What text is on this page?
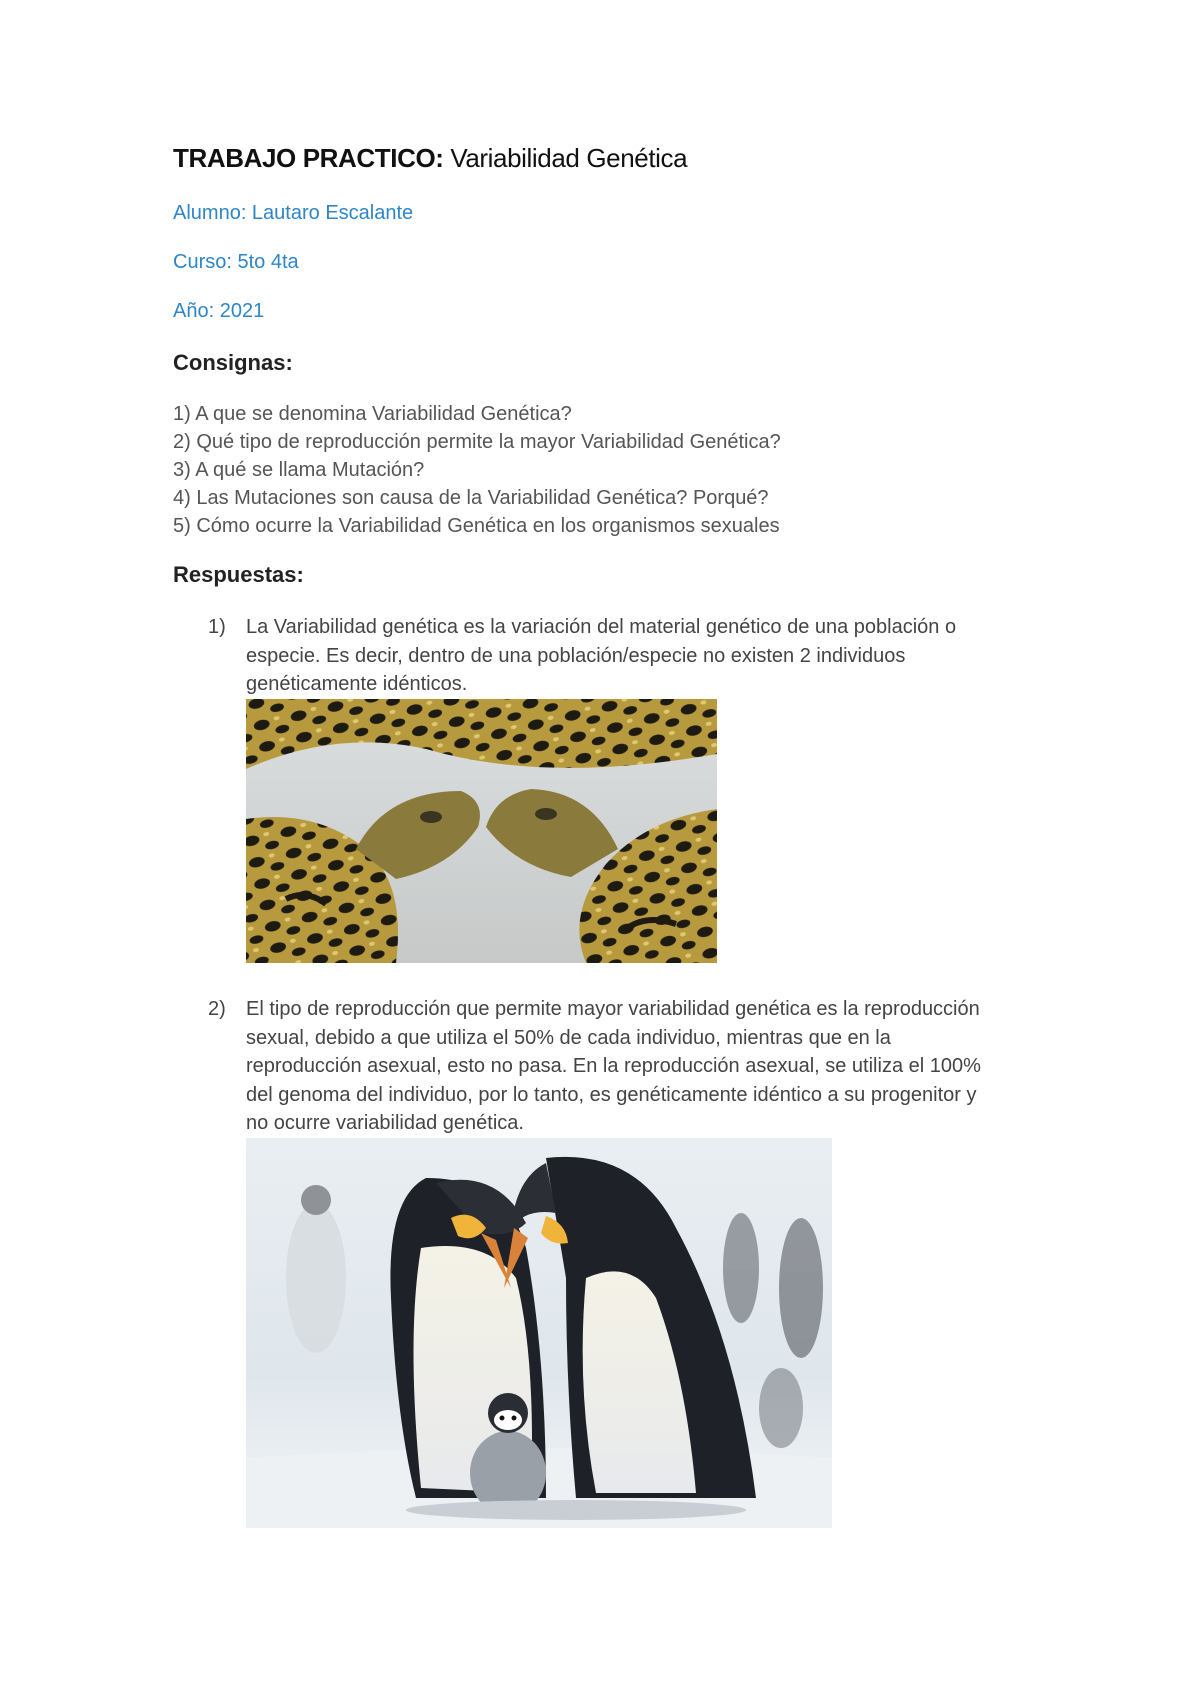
TRABAJO PRACTICO: Variabilidad Genética

Alumno: Lautaro Escalante

Curso: 5to 4ta

Año: 2021

Consignas:
1) A que se denomina Variabilidad Genética?
2) Qué tipo de reproducción permite la mayor Variabilidad Genética?
3) A qué se llama Mutación?
4) Las Mutaciones son causa de la Variabilidad Genética? Porqué?
5) Cómo ocurre la Variabilidad Genética en los organismos sexuales
Respuestas:
1) La Variabilidad genética es la variación del material genético de una población o
especie. Es decir, dentro de una población/especie no existen 2 individuos
genéticamente idénticos.
2) El tipo de reproducción que permite mayor variabilidad genética es la reproducción
sexual, debido a que utiliza el 50% de cada individuo, mientras que en la
reproducción asexual, esto no pasa. En la reproducción asexual, se utiliza el 100%
del genoma del individuo, por lo tanto, es genéticamente idéntico a su progenitor y
no ocurre variabilidad genética.
